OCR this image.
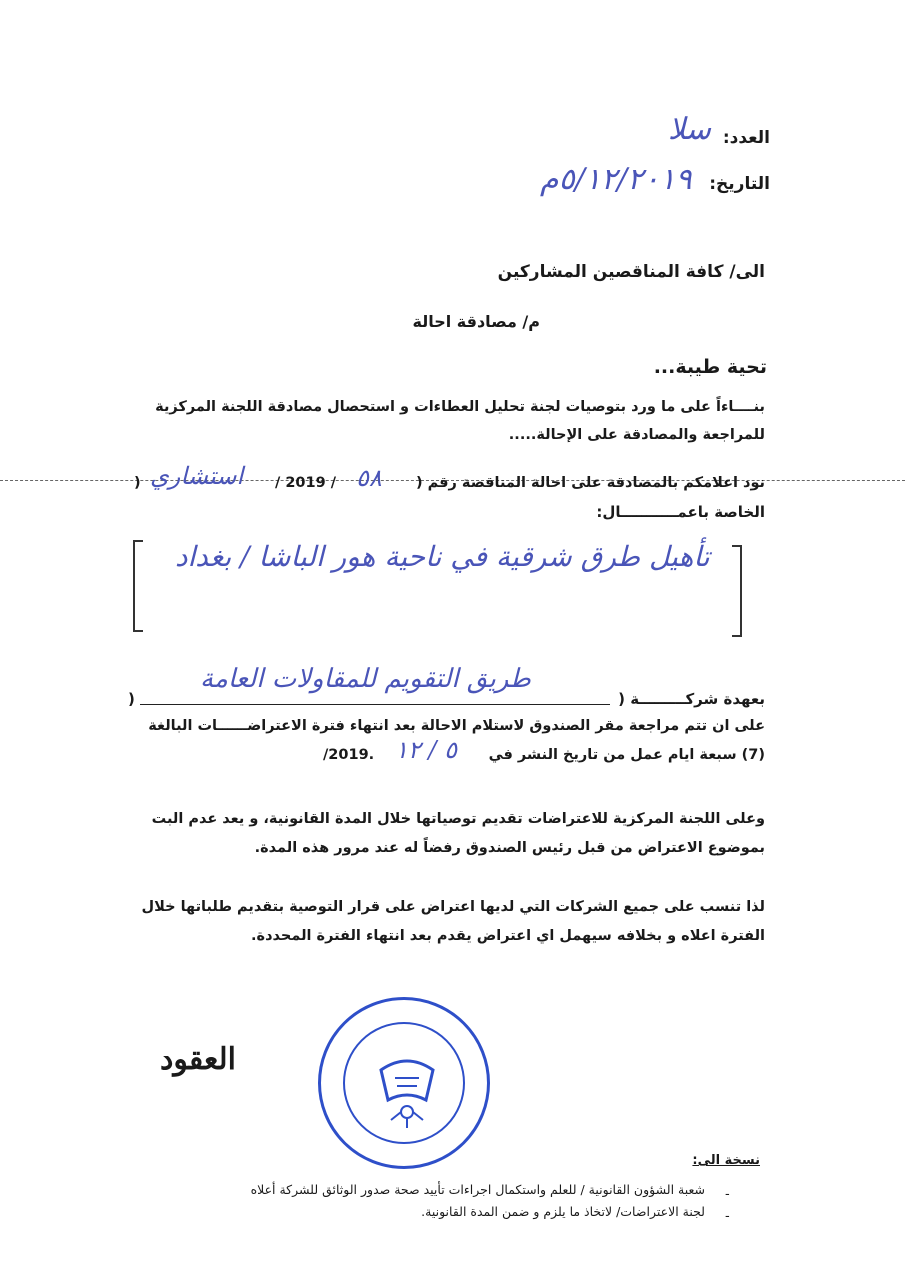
العدد:
سلا
التاريخ:
٥/١٢/٢٠١٩م
الى/ كافة المناقصين المشاركين
م/ مصادقة احالة
تحية طيبة...
بنــــاءاً على ما ورد بتوصيات لجنة تحليل العطاءات و استحصال مصادقة اللجنة المركزية
للمراجعة والمصادقة على الإحالة.....
نود اعلامكم بالمصادقة على احالة المناقصة رقم (
٥٨
/ 2019 /
استشاري
)
الخاصة باعمـــــــــــال:
تأهيل طرق شرقية في ناحية هور الباشا / بغداد
بعهدة شركـــــــــة (
طريق التقويم للمقاولات العامة
)
على ان تتم مراجعة مقر الصندوق لاستلام الاحالة بعد انتهاء فترة الاعتراضــــــات البالغة
(7) سبعة ايام عمل من تاريخ النشر في
٥ / ١٢
/2019.
وعلى اللجنة المركزية للاعتراضات تقديم توصياتها خلال المدة القانونية، و يعد عدم البت
بموضوع الاعتراض من قبل رئيس الصندوق رفضاً له عند مرور هذه المدة.
لذا تنسب على جميع الشركات التي لديها اعتراض على قرار التوصية بتقديم طلباتها خلال
الفترة اعلاه و بخلافه سيهمل اي اعتراض يقدم بعد انتهاء الفترة المحددة.
العقود
نسخة الى:
-
شعبة الشؤون القانونية / للعلم واستكمال اجراءات تأييد صحة صدور الوثائق للشركة أعلاه
-
لجنة الاعتراضات/ لاتخاذ ما يلزم و ضمن المدة القانونية.
